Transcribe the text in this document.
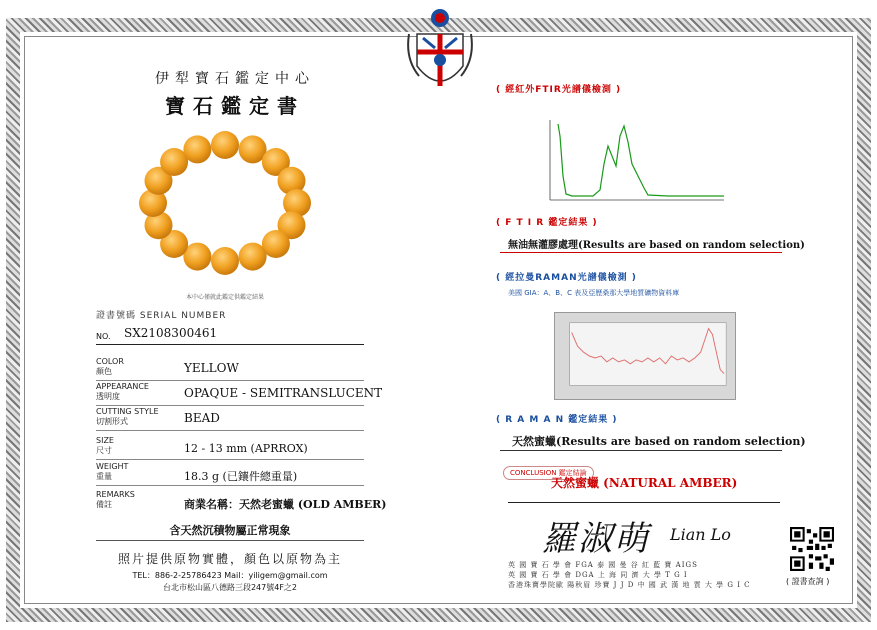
伊犁寶石鑑定中心
寶石鑑定書
本中心僅就此鑑定供鑑定結果
證書號碼 SERIAL NUMBER
NO. SX2108300461
COLOR
顏色	YELLOW
APPEARANCE
透明度	OPAQUE - SEMITRANSLUCENT
CUTTING STYLE
切割形式	BEAD
SIZE
尺寸	12 - 13 mm (APRROX)
WEIGHT
重量	18.3 g (已鑲件總重量)
REMARKS
備註	商業名稱：天然老蜜蠟 (OLD AMBER)
含天然沉積物屬正常現象
照片提供原物實體，顏色以原物為主
TEL：886-2-25786423 Mail：yiligem@gmail.com
台北市松山區八德路三段247號4F之2
( 經紅外FTIR光譜儀檢測 )
( F T I R 鑑定結果 )
無油無灌膠處理(Results are based on random selection)
( 經拉曼RAMAN光譜儀檢測 )
美國 GIA：A、B、C 表及亞歷桑那大學地質礦物資料庫
( R A M A N 鑑定結果 )
天然蜜蠟(Results are based on random selection)
CONCLUSION 鑑定結論
天然蜜蠟 (NATURAL AMBER)
羅淑萌 Lian Lo
英 國 寶 石 學 會 FGA 泰 國 曼 谷 紅 藍 寶 AIGS
英 國 寶 石 學 會 DGA 上 海 同 濟 大 學 T G I
香港珠寶學院歐 陽秋眉 珍寶 J J D 中 國 武 漢 地 質 大 學 G I C	( 證書查詢 )
